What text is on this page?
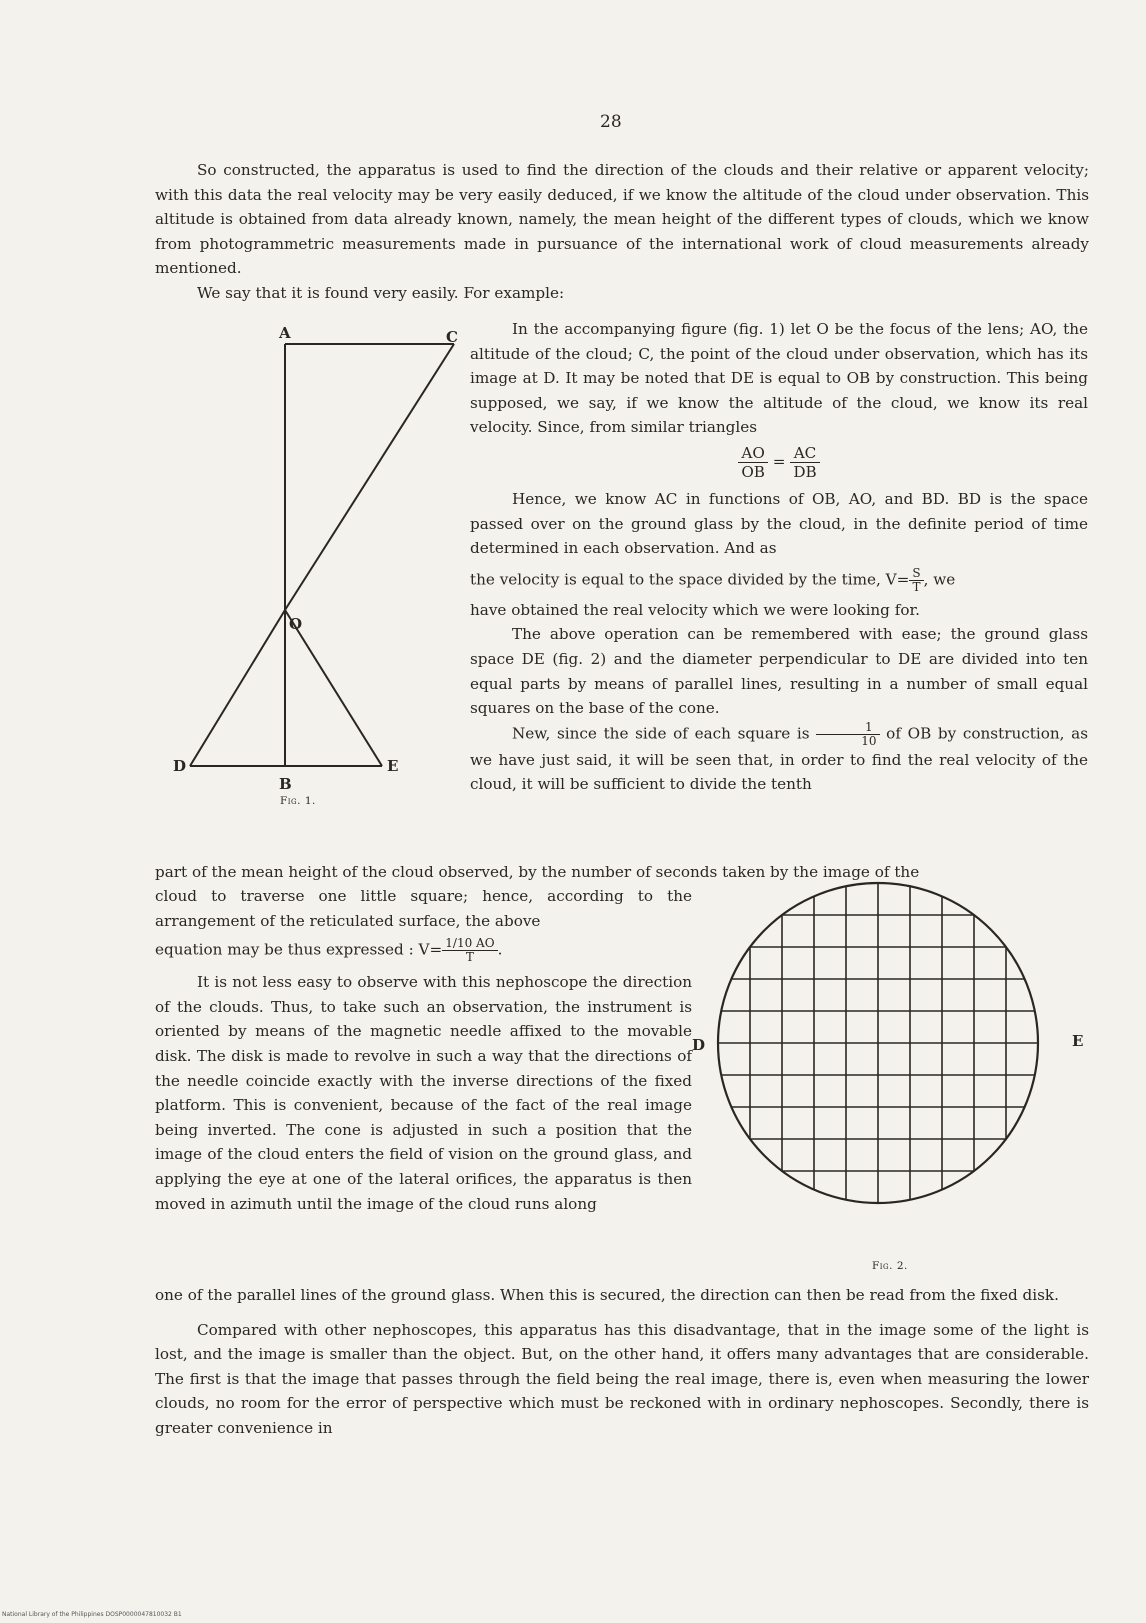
28

So constructed, the apparatus is used to find the direction of the clouds and their relative or apparent velocity; with this data the real velocity may be very easily deduced, if we know the altitude of the cloud under observation. This altitude is obtained from data already known, namely, the mean height of the different types of clouds, which we know from photogrammetric measurements made in pursuance of the international work of cloud measurements already mentioned.

We say that it is found very easily. For example:

A	C
O
D	E
B
Fig. 1.

In the accompanying figure (fig. 1) let O be the focus of the lens; AO, the altitude of the cloud; C, the point of the cloud under observation, which has its image at D. It may be noted that DE is equal to OB by construction. This being supposed, we say, if we know the altitude of the cloud, we know its real velocity. Since, from similar triangles

$\frac{AO}{OB} = \frac{AC}{DB}$

Hence, we know AC in functions of OB, AO, and BD. BD is the space passed over on the ground glass by the cloud, in the definite period of time determined in each observation. And as

the velocity is equal to the space divided by the time, $V= \frac{S}{T}$ , we

have obtained the real velocity which we were looking for.

The above operation can be remembered with ease; the ground glass space DE (fig. 2) and the diameter perpendicular to DE are divided into ten equal parts by means of parallel lines, resulting in a number of small equal squares on the base of the cone.

New, since the side of each square is $\frac{1}{10}$ of OB by construction, as we have just said, it will be seen that, in order to find the real velocity of the cloud, it will be sufficient to divide the tenth

part of the mean height of the cloud observed, by the number of seconds taken by the image of the

cloud to traverse one little square; hence, according to the arrangement of the reticulated surface, the above

equation may be thus expressed : $V= \frac{1/10 AO}{T}$ .

It is not less easy to observe with this nephoscope the direction of the clouds. Thus, to take such an observation, the instrument is oriented by means of the magnetic needle affixed to the movable disk. The disk is made to revolve in such a way that the directions of the needle coincide exactly with the inverse directions of the fixed platform. This is convenient, because of the fact of the real image being inverted. The cone is adjusted in such a position that the image of the cloud enters the field of vision on the ground glass, and applying the eye at one of the lateral orifices, the apparatus is then moved in azimuth until the image of the cloud runs along

D	E
Fig. 2.

one of the parallel lines of the ground glass. When this is secured, the direction can then be read from the fixed disk.

Compared with other nephoscopes, this apparatus has this disadvantage, that in the image some of the light is lost, and the image is smaller than the object. But, on the other hand, it offers many advantages that are considerable. The first is that the image that passes through the field being the real image, there is, even when measuring the lower clouds, no room for the error of perspective which must be reckoned with in ordinary nephoscopes. Secondly, there is greater convenience in

National Library of the Philippines DOSP0000047810032 B1
